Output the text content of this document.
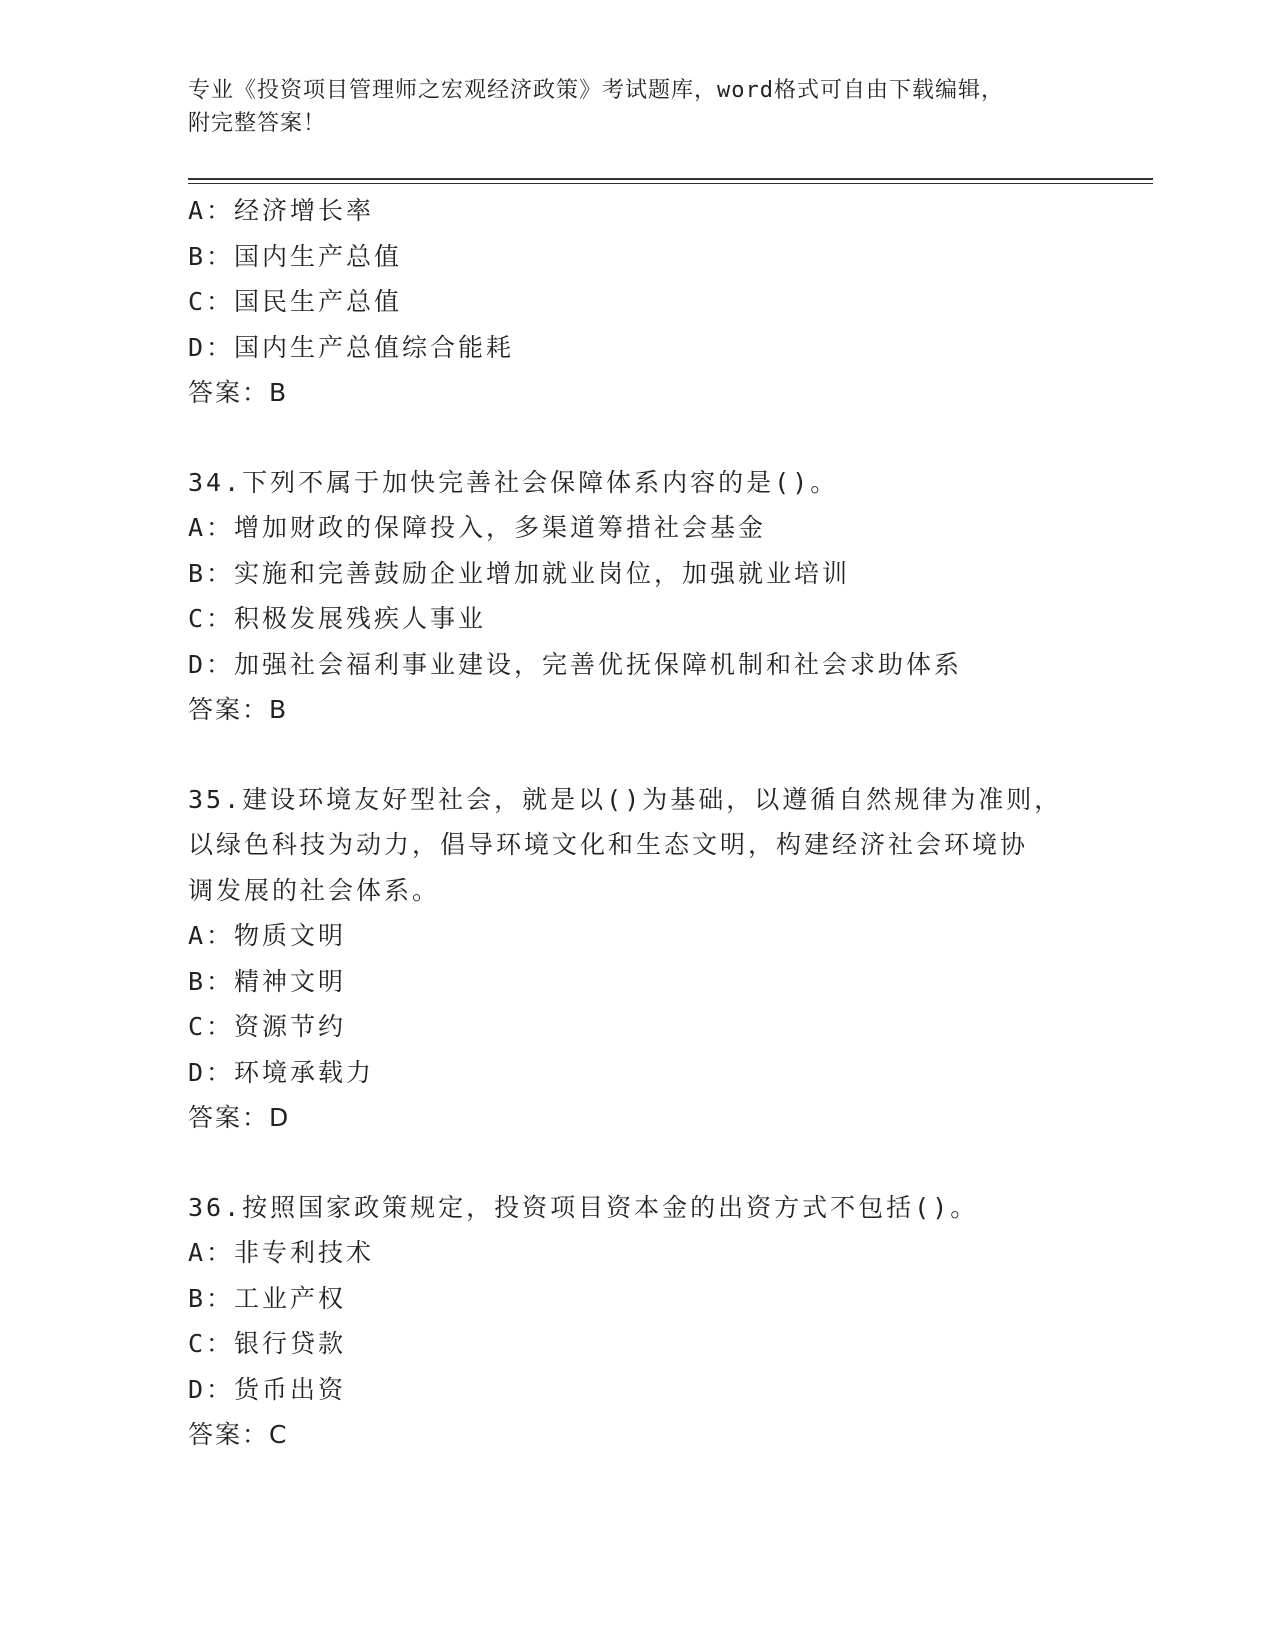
专业《投资项目管理师之宏观经济政策》考试题库，word格式可自由下载编辑，
附完整答案！
A：经济增长率
B：国内生产总值
C：国民生产总值
D：国内生产总值综合能耗
答案：B
34.下列不属于加快完善社会保障体系内容的是()。
A：增加财政的保障投入，多渠道筹措社会基金
B：实施和完善鼓励企业增加就业岗位，加强就业培训
C：积极发展残疾人事业
D：加强社会福利事业建设，完善优抚保障机制和社会求助体系
答案：B
35.建设环境友好型社会，就是以()为基础，以遵循自然规律为准则，
以绿色科技为动力，倡导环境文化和生态文明，构建经济社会环境协
调发展的社会体系。
A：物质文明
B：精神文明
C：资源节约
D：环境承载力
答案：D
36.按照国家政策规定，投资项目资本金的出资方式不包括()。
A：非专利技术
B：工业产权
C：银行贷款
D：货币出资
答案：C
